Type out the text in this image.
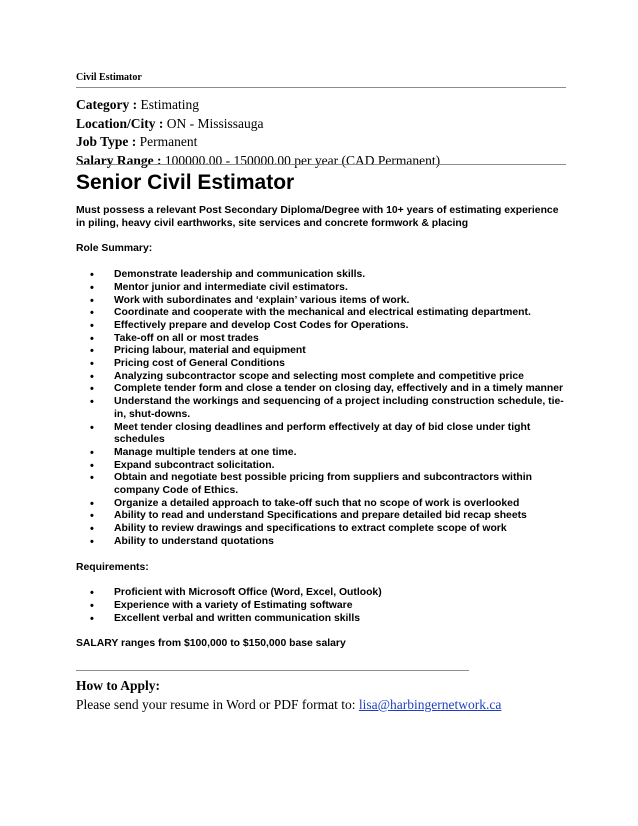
Civil Estimator
Category : Estimating
Location/City : ON - Mississauga
Job Type : Permanent
Salary Range : 100000.00 - 150000.00 per year (CAD Permanent)
Senior Civil Estimator

Must possess a relevant Post Secondary Diploma/Degree with 10+ years of estimating experience in piling, heavy civil earthworks, site services and concrete formwork & placing

Role Summary:

• Demonstrate leadership and communication skills.
• Mentor junior and intermediate civil estimators.
• Work with subordinates and ‘explain’ various items of work.
• Coordinate and cooperate with the mechanical and electrical estimating department.
• Effectively prepare and develop Cost Codes for Operations.
• Take-off on all or most trades
• Pricing labour, material and equipment
• Pricing cost of General Conditions
• Analyzing subcontractor scope and selecting most complete and competitive price
• Complete tender form and close a tender on closing day, effectively and in a timely manner
• Understand the workings and sequencing of a project including construction schedule, tie-in, shut-downs.
• Meet tender closing deadlines and perform effectively at day of bid close under tight schedules
• Manage multiple tenders at one time.
• Expand subcontract solicitation.
• Obtain and negotiate best possible pricing from suppliers and subcontractors within company Code of Ethics.
• Organize a detailed approach to take-off such that no scope of work is overlooked
• Ability to read and understand Specifications and prepare detailed bid recap sheets
• Ability to review drawings and specifications to extract complete scope of work
• Ability to understand quotations

Requirements:

• Proficient with Microsoft Office (Word, Excel, Outlook)
• Experience with a variety of Estimating software
• Excellent verbal and written communication skills

SALARY ranges from $100,000 to $150,000 base salary

How to Apply:
Please send your resume in Word or PDF format to: lisa@harbingernetwork.ca
